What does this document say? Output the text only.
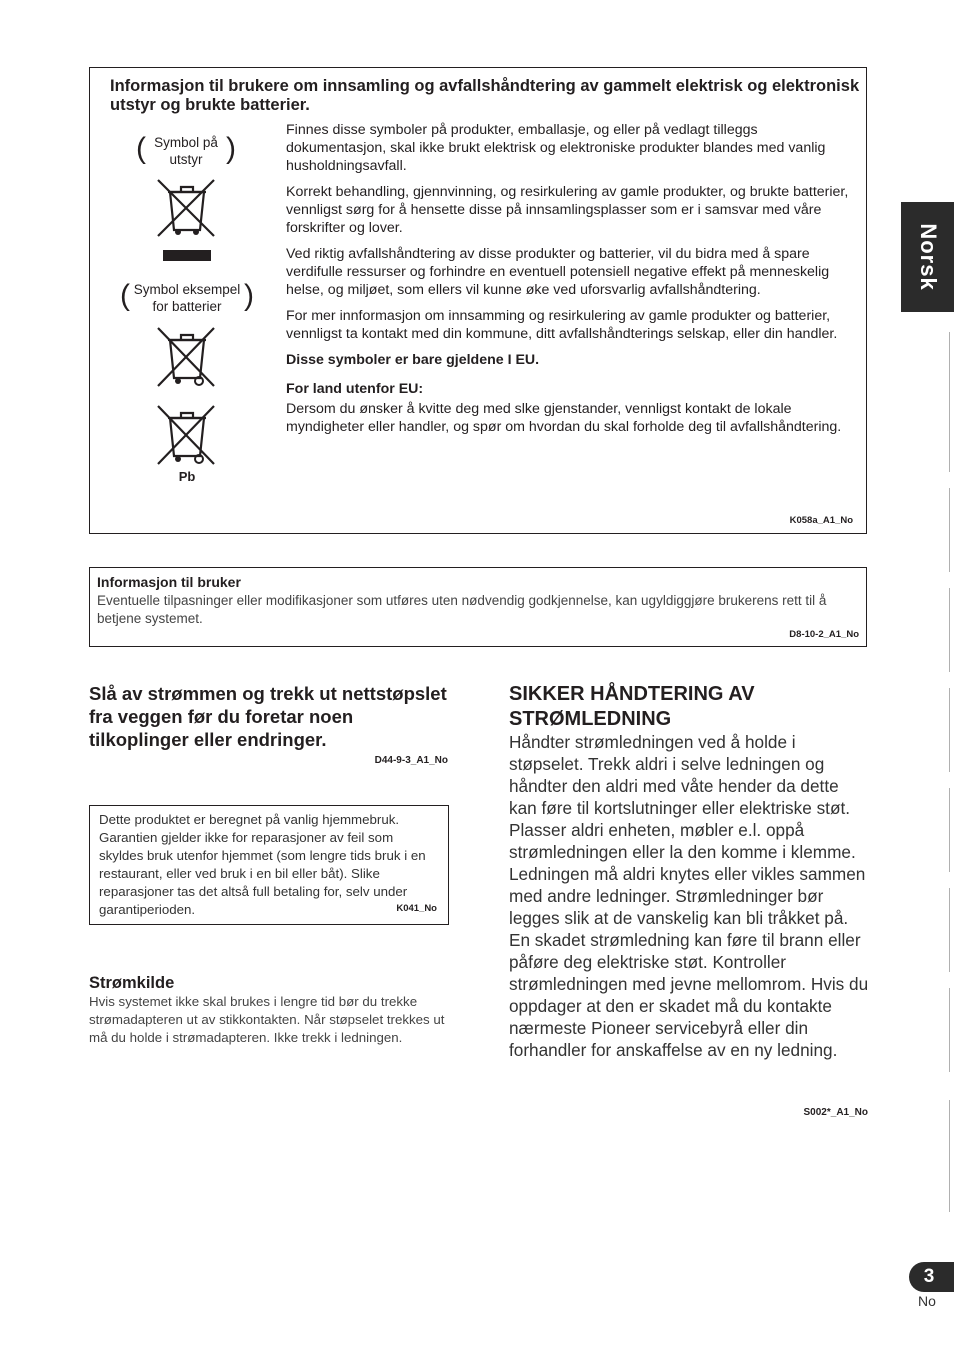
Informasjon til brukere om innsamling og avfallshåndtering av gammelt elektrisk og elektronisk utstyr og brukte batterier.
( Symbol på
utstyr )
( Symbol eksempel
for batterier )
Pb

Finnes disse symboler på produkter, emballasje, og eller på vedlagt tilleggs dokumentasjon, skal ikke brukt elektrisk og elektroniske produkter blandes med vanlig husholdningsavfall.

Korrekt behandling, gjennvinning, og resirkulering av gamle produkter, og brukte batterier, vennligst sørg for å hensette disse på innsamlingsplasser som er i samsvar med våre forskrifter og lover.

Ved riktig avfallshåndtering av disse produkter og batterier, vil du bidra med å spare verdifulle ressurser og forhindre en eventuell potensiell negative effekt på menneskelig helse, og miljøet, som ellers vil kunne øke ved uforsvarlig avfallshåndtering.

For mer innformasjon om innsamming og resirkulering av gamle produkter og batterier, vennligst ta kontakt med din kommune, ditt avfallshåndterings selskap, eller din handler.

Disse symboler er bare gjeldene I EU.

For land utenfor EU:

Dersom du ønsker å kvitte deg med slke gjenstander, vennligst kontakt de lokale myndigheter eller handler, og spør om hvordan du skal forholde deg til avfallshåndtering.

K058a_A1_No
Informasjon til bruker
Eventuelle tilpasninger eller modifikasjoner som utføres uten nødvendig godkjennelse, kan ugyldiggjøre brukerens rett til å betjene systemet.
D8-10-2_A1_No
Slå av strømmen og trekk ut nettstøpslet fra veggen før du foretar noen tilkoplinger eller endringer.
D44-9-3_A1_No
Dette produktet er beregnet på vanlig hjemmebruk. Garantien gjelder ikke for reparasjoner av feil som skyldes bruk utenfor hjemmet (som lengre tids bruk i en restaurant, eller ved bruk i en bil eller båt). Slike reparasjoner tas det altså full betaling for, selv under garantiperioden.	K041_No
Strømkilde
Hvis systemet ikke skal brukes i lengre tid bør du trekke strømadapteren ut av stikkontakten. Når støpselet trekkes ut må du holde i strømadapteren. Ikke trekk i ledningen.
SIKKER HÅNDTERING AV STRØMLEDNING
Håndter strømledningen ved å holde i støpselet. Trekk aldri i selve ledningen og håndter den aldri med våte hender da dette kan føre til kortslutninger eller elektriske støt. Plasser aldri enheten, møbler e.l. oppå strømledningen eller la den komme i klemme. Ledningen må aldri knytes eller vikles sammen med andre ledninger. Strømledninger bør legges slik at de vanskelig kan bli tråkket på. En skadet strømledning kan føre til brann eller påføre deg elektriske støt. Kontroller strømledningen med jevne mellomrom. Hvis du oppdager at den er skadet må du kontakte nærmeste Pioneer servicebyrå eller din forhandler for anskaffelse av en ny ledning.
S002*_A1_No
Norsk
3
No
